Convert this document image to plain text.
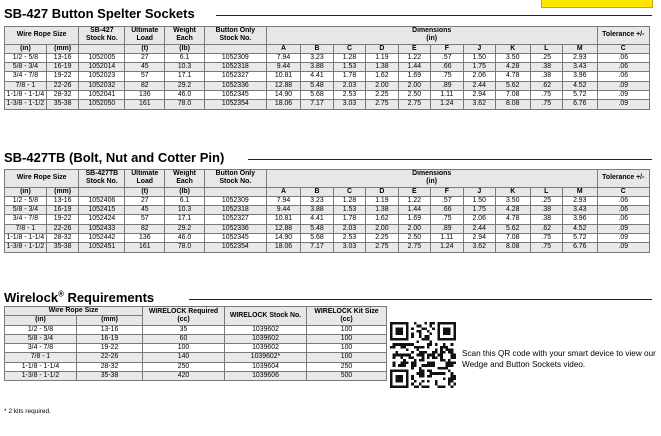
SB-427 Button Spelter Sockets
Wire Rope Size		SB-427 Stock No.	Ultimate Load	Weight Each	Button Only Stock No.	Dimensions
(in)										Tolerance +/-

(in)	(mm)		(t)	(lb)		A	B	C	D	E	F	J	K	L	M	C
1/2 - 5/8	13-16	1052005	27	6.1	1052309	7.94	3.23	1.28	1.19	1.22	.57	1.50	3.50	.25	2.93	.06
5/8 - 3/4	16-19	1052014	45	10.3	1052318	9.44	3.88	1.53	1.38	1.44	.66	1.75	4.28	.38	3.43	.06
3/4 - 7/8	19-22	1052023	57	17.1	1052327	10.81	4.41	1.78	1.62	1.69	.75	2.06	4.78	.38	3.96	.06
7/8 - 1	22-26	1052032	82	29.2	1052336	12.88	5.48	2.03	2.00	2.00	.89	2.44	5.62	.62	4.52	.09
1-1/8 - 1-1/4	28-32	1052041	136	46.0	1052345	14.90	5.68	2.53	2.25	2.50	1.11	2.94	7.08	.75	5.72	.09
1-3/8 - 1-1/2	35-38	1052050	161	78.0	1052354	18.06	7.17	3.03	2.75	2.75	1.24	3.62	8.08	.75	6.76	.09
SB-427TB (Bolt, Nut and Cotter Pin)
Wire Rope Size		SB-427TB Stock No.	Ultimate Load	Weight Each	Button Only Stock No.	Dimensions
(in)										Tolerance +/-

(in)	(mm)		(t)	(lb)		A	B	C	D	E	F	J	K	L	M	C
1/2 - 5/8	13-16	1052406	27	6.1	1052309	7.94	3.23	1.28	1.19	1.22	.57	1.50	3.50	.25	2.93	.06
5/8 - 3/4	16-19	1052415	45	10.3	1052318	9.44	3.88	1.53	1.38	1.44	.66	1.75	4.28	.38	3.43	.06
3/4 - 7/8	19-22	1052424	57	17.1	1052327	10.81	4.41	1.78	1.62	1.69	.75	2.06	4.78	.38	3.96	.06
7/8 - 1	22-26	1052433	82	29.2	1052336	12.88	5.48	2.03	2.00	2.00	.89	2.44	5.62	.62	4.52	.09
1-1/8 - 1-1/4	28-32	1052442	136	46.0	1052345	14.90	5.68	2.53	2.25	2.50	1.11	2.94	7.08	.75	5.72	.09
1-3/8 - 1-1/2	35-38	1052451	161	78.0	1052354	18.06	7.17	3.03	2.75	2.75	1.24	3.62	8.08	.75	6.76	.09
Wirelock® Requirements
Wire Rope Size		WIRELOCK Required
(cc)	WIRELOCK Stock No.	WIRELOCK Kit Size
(cc)

(in)	(mm)			
1/2 - 5/8	13-16	35	1039602	100
5/8 - 3/4	16-19	60	1039602	100
3/4 - 7/8	19-22	100	1039602	100
7/8 - 1	22-26	140	1039602*	100
1-1/8 - 1-1/4	28-32	250	1039604	250
1-3/8 - 1-1/2	35-38	420	1039606	500
* 2 kits required.
Scan this QR code with your smart device to view our Wedge and Button Sockets video.
